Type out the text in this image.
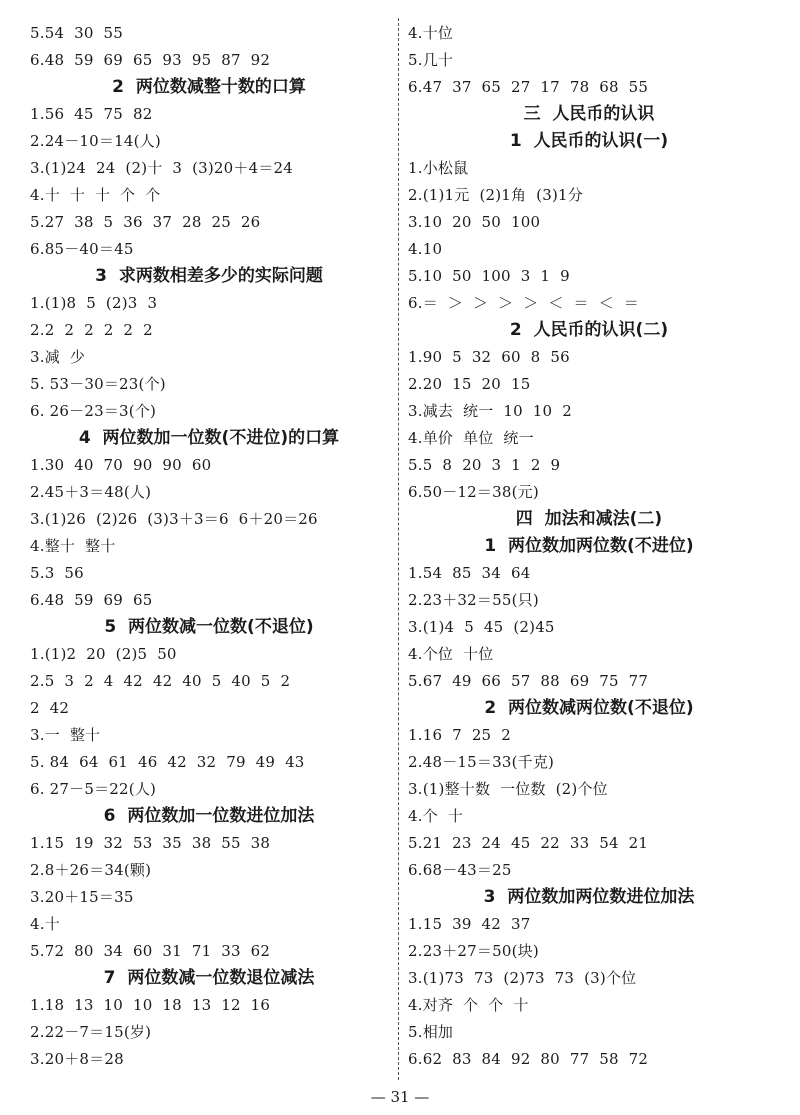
5.54  30  55
6.48  59  69  65  93  95  87  92
2  两位数减整十数的口算
1.56  45  75  82
2.24－10＝14(人)
3.(1)24  24  (2)十  3  (3)20＋4＝24
4.十  十  十  个  个
5.27  38  5  36  37  28  25  26
6.85－40＝45
3  求两数相差多少的实际问题
1.(1)8  5  (2)3  3
2.2  2  2  2  2  2
3.减  少
5. 53－30＝23(个)
6. 26－23＝3(个)
4  两位数加一位数(不进位)的口算
1.30  40  70  90  90  60
2.45＋3＝48(人)
3.(1)26  (2)26  (3)3＋3＝6  6＋20＝26
4.整十  整十
5.3  56
6.48  59  69  65
5  两位数减一位数(不退位)
1.(1)2  20  (2)5  50
2.5  3  2  4  42  42  40  5  40  5  2
2  42
3.一  整十
5. 84  64  61  46  42  32  79  49  43
6. 27－5＝22(人)
6  两位数加一位数进位加法
1.15  19  32  53  35  38  55  38
2.8＋26＝34(颗)
3.20＋15＝35
4.十
5.72  80  34  60  31  71  33  62
7  两位数减一位数退位减法
1.18  13  10  10  18  13  12  16
2.22－7＝15(岁)
3.20＋8＝28
4.十位
5.几十
6.47  37  65  27  17  78  68  55
三  人民币的认识
1  人民币的认识(一)
1.小松鼠
2.(1)1元  (2)1角  (3)1分
3.10  20  50  100
4.10
5.10  50  100  3  1  9
6.＝  ＞  ＞  ＞  ＞  ＜  ＝  ＜  ＝
2  人民币的认识(二)
1.90  5  32  60  8  56
2.20  15  20  15
3.减去  统一  10  10  2
4.单价  单位  统一
5.5  8  20  3  1  2  9
6.50－12＝38(元)
四  加法和减法(二)
1  两位数加两位数(不进位)
1.54  85  34  64
2.23＋32＝55(只)
3.(1)4  5  45  (2)45
4.个位  十位
5.67  49  66  57  88  69  75  77
2  两位数减两位数(不退位)
1.16  7  25  2
2.48－15＝33(千克)
3.(1)整十数  一位数  (2)个位
4.个  十
5.21  23  24  45  22  33  54  21
6.68－43＝25
3  两位数加两位数进位加法
1.15  39  42  37
2.23＋27＝50(块)
3.(1)73  73  (2)73  73  (3)个位
4.对齐  个  个  十
5.相加
6.62  83  84  92  80  77  58  72
— 31 —
